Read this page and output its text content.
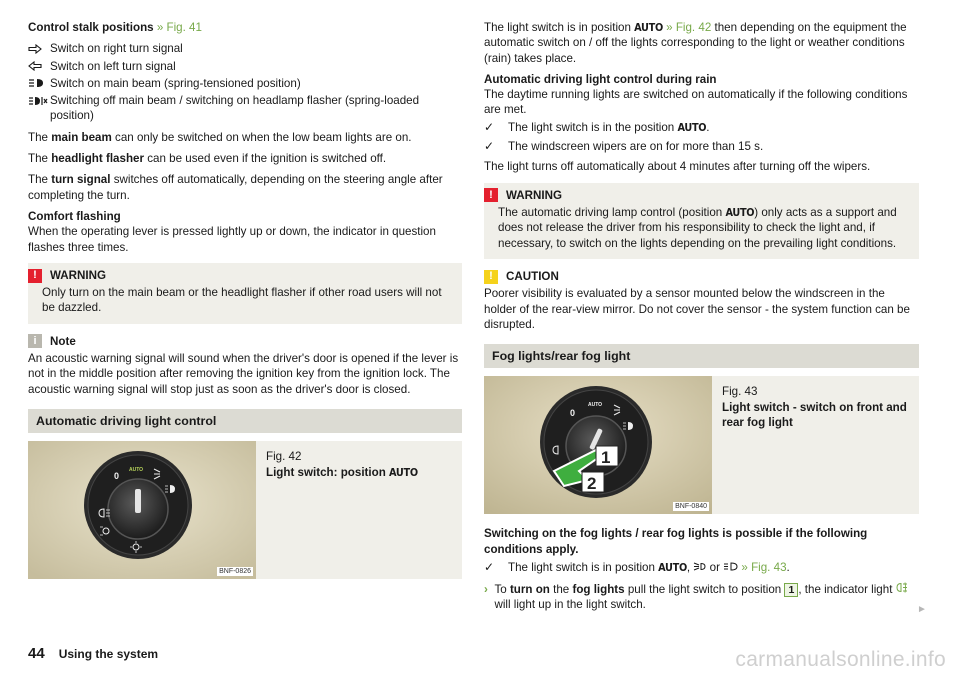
Control stalk positions » Fig. 41

Switch on right turn signal
Switch on left turn signal
Switch on main beam (spring-tensioned position)
Switching off main beam / switching on headlamp flasher (spring-loaded position)

The main beam can only be switched on when the low beam lights are on.

The headlight flasher can be used even if the ignition is switched off.

The turn signal switches off automatically, depending on the steering angle after completing the turn.

Comfort flashing
When the operating lever is pressed lightly up or down, the indicator in question flashes three times.

!	WARNING
Only turn on the main beam or the headlight flasher if other road users will not be dazzled.
i	Note

An acoustic warning signal will sound when the driver's door is opened if the lever is not in the middle position after removing the ignition key from the ignition lock. The acoustic warning signal will stop just as soon as the driver's door is closed.

Automatic driving light control
0
AUTO
BNF-0826
Fig. 42
Light switch: position AUTO

The light switch is in position AUTO » Fig. 42 then depending on the equipment the automatic switch on / off the lights corresponding to the light or weather conditions (rain) takes place.

Automatic driving light control during rain
The daytime running lights are switched on automatically if the following conditions are met.

✓	The light switch is in the position AUTO.
✓	The windscreen wipers are on for more than 15 s.

The light turns off automatically about 4 minutes after turning off the wipers.

!	WARNING
The automatic driving lamp control (position AUTO) only acts as a support and does not release the driver from his responsibility to check the light and, if necessary, to switch on the lights depending on the prevailing light conditions.
!	CAUTION

Poorer visibility is evaluated by a sensor mounted below the windscreen in the holder of the rear-view mirror. Do not cover the sensor - the system function can be disrupted.

Fog lights/rear fog light
0
AUTO
1
2
BNF-0840
Fig. 43
Light switch - switch on front and rear fog light

Switching on the fog lights / rear fog lights is possible if the following conditions apply.

✓	The light switch is in position AUTO, or » Fig. 43.
› To turn on the fog lights pull the light switch to position 1 , the indicator light  will light up in the light switch.	►
44 Using the system	carmanualsonline.info
